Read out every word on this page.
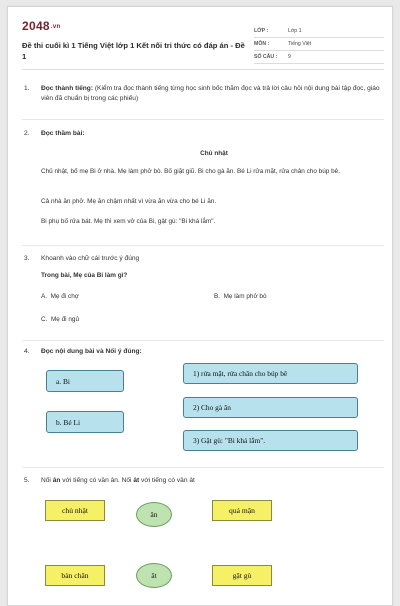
2048.vn
Đề thi cuối kì 1 Tiếng Việt lớp 1 Kết nối tri thức có đáp án - Đề 1
LỚP :	Lớp 1
MÔN :	Tiếng Việt
SỐ CÂU : 9
1.	Đọc thành tiếng: (Kiểm tra đọc thành tiếng từng học sinh bốc thăm đọc và trả lời câu hỏi nội dung bài tập đọc, giáo viên đã chuẩn bị trong các phiếu)
2.	Đọc thầm bài:
Chủ nhật
Chủ nhật, bố mẹ Bi ở nhà. Mẹ làm phở bò. Bố giặt giũ. Bi cho gà ăn. Bé Li rửa mặt, rửa chân cho búp bê.
Cả nhà ăn phở. Mẹ ăn chậm nhất vì vừa ăn vừa cho bé Li ăn.
Bi phụ bố rửa bát. Mẹ thì xem vở của Bi, gật gù: "Bi khá lắm".
3.	Khoanh vào chữ cái trước ý đúng
Trong bài, Mẹ của Bi làm gì?
A. Mẹ đi chợ	B. Mẹ làm phở bò
C. Mẹ đi ngủ
4.	Đọc nội dung bài và Nối ý đúng:
a. Bi
b. Bé Li
1) rửa mặt, rửa chân cho búp bê
2) Cho gà ăn
3) Gật gù: "Bi khá lắm".
5.	Nối ân với tiếng có vần ân. Nối ât với tiếng có vần ât
chủ nhật
bàn chân
ân
ât
quả mận
gật gù
